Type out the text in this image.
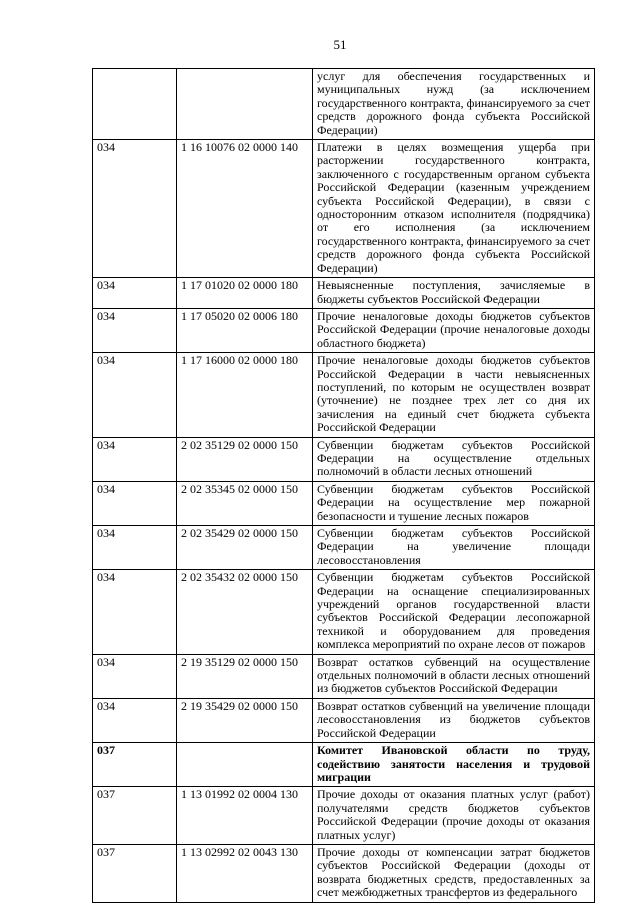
51
		услуг для обеспечения государственных и муниципальных нужд (за исключением государственного контракта, финансируемого за счет средств дорожного фонда субъекта Российской Федерации)
034	1 16 10076 02 0000 140	Платежи в целях возмещения ущерба при расторжении государственного контракта, заключенного с государственным органом субъекта Российской Федерации (казенным учреждением субъекта Российской Федерации), в связи с односторонним отказом исполнителя (подрядчика) от его исполнения (за исключением государственного контракта, финансируемого за счет средств дорожного фонда субъекта Российской Федерации)
034	1 17 01020 02 0000 180	Невыясненные поступления, зачисляемые в бюджеты субъектов Российской Федерации
034	1 17 05020 02 0006 180	Прочие неналоговые доходы бюджетов субъектов Российской Федерации (прочие неналоговые доходы областного бюджета)
034	1 17 16000 02 0000 180	Прочие неналоговые доходы бюджетов субъектов Российской Федерации в части невыясненных поступлений, по которым не осуществлен возврат (уточнение) не позднее трех лет со дня их зачисления на единый счет бюджета субъекта Российской Федерации
034	2 02 35129 02 0000 150	Субвенции бюджетам субъектов Российской Федерации на осуществление отдельных полномочий в области лесных отношений
034	2 02 35345 02 0000 150	Субвенции бюджетам субъектов Российской Федерации на осуществление мер пожарной безопасности и тушение лесных пожаров
034	2 02 35429 02 0000 150	Субвенции бюджетам субъектов Российской Федерации на увеличение площади лесовосстановления
034	2 02 35432 02 0000 150	Субвенции бюджетам субъектов Российской Федерации на оснащение специализированных учреждений органов государственной власти субъектов Российской Федерации лесопожарной техникой и оборудованием для проведения комплекса мероприятий по охране лесов от пожаров
034	2 19 35129 02 0000 150	Возврат остатков субвенций на осуществление отдельных полномочий в области лесных отношений из бюджетов субъектов Российской Федерации
034	2 19 35429 02 0000 150	Возврат остатков субвенций на увеличение площади лесовосстановления из бюджетов субъектов Российской Федерации
037		Комитет Ивановской области по труду, содействию занятости населения и трудовой миграции
037	1 13 01992 02 0004 130	Прочие доходы от оказания платных услуг (работ) получателями средств бюджетов субъектов Российской Федерации (прочие доходы от оказания платных услуг)
037	1 13 02992 02 0043 130	Прочие доходы от компенсации затрат бюджетов субъектов Российской Федерации (доходы от возврата бюджетных средств, предоставленных за счет межбюджетных трансфертов из федерального
